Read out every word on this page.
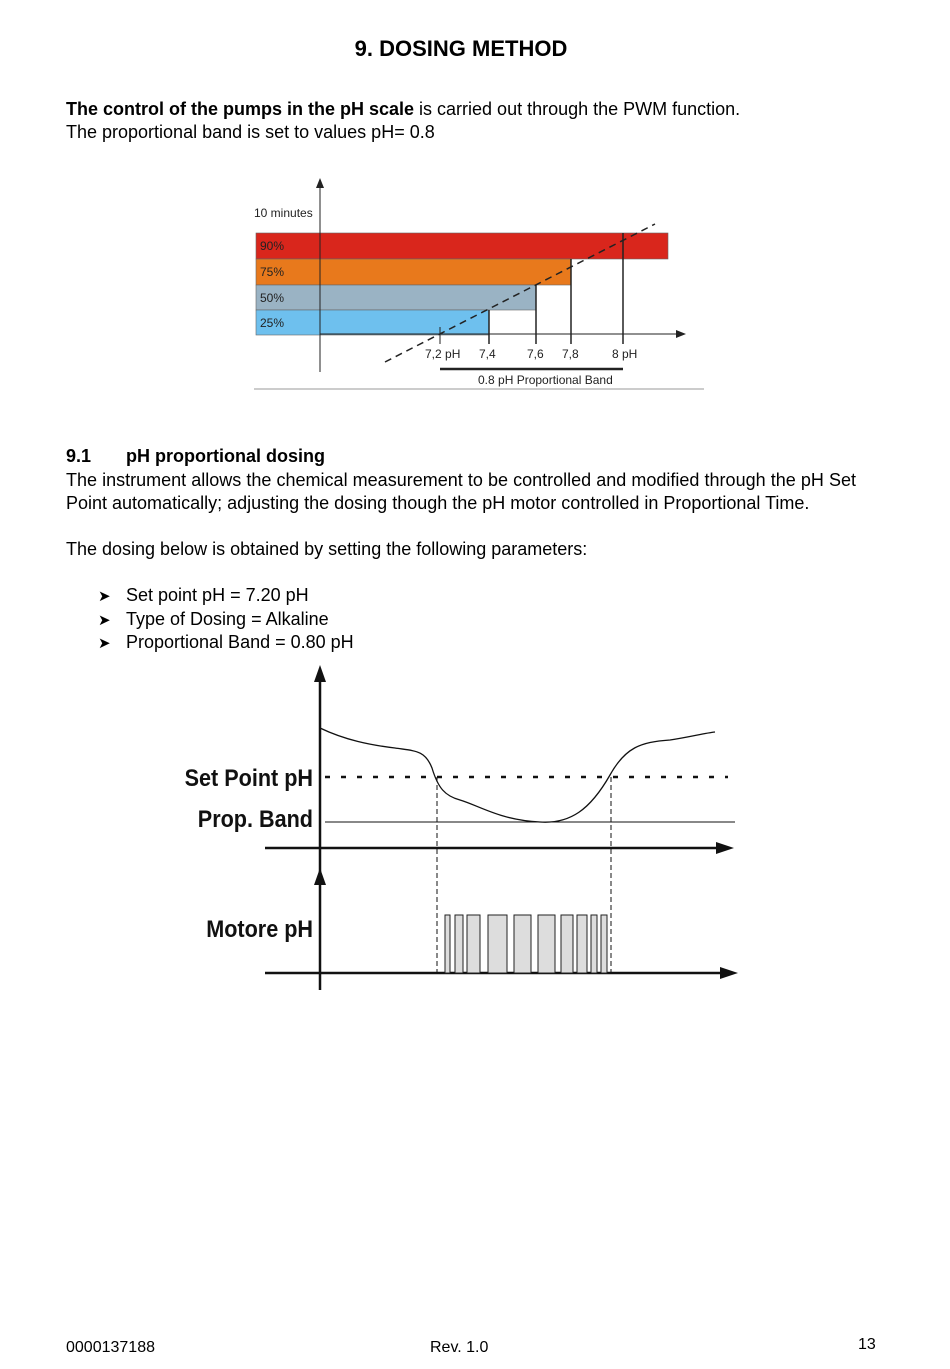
9. DOSING METHOD
The control of the pumps in the pH scale is carried out through the PWM function.
The proportional band is set to values pH= 0.8
90%
75%
50%
25%
10 minutes
7,2 pH 7,4	7,6 7,8	8 pH
0.8 pH Proportional Band
9.1 pH proportional dosing
The instrument allows the chemical measurement to be controlled and modified through the pH Set Point automatically; adjusting the dosing though the pH motor controlled in Proportional Time.
The dosing below is obtained by setting the following parameters:
➤ Set point pH = 7.20 pH
➤ Type of Dosing = Alkaline
➤ Proportional Band = 0.80 pH
Set Point pH
Prop. Band
Motore pH
0000137188	Rev. 1.0	13
